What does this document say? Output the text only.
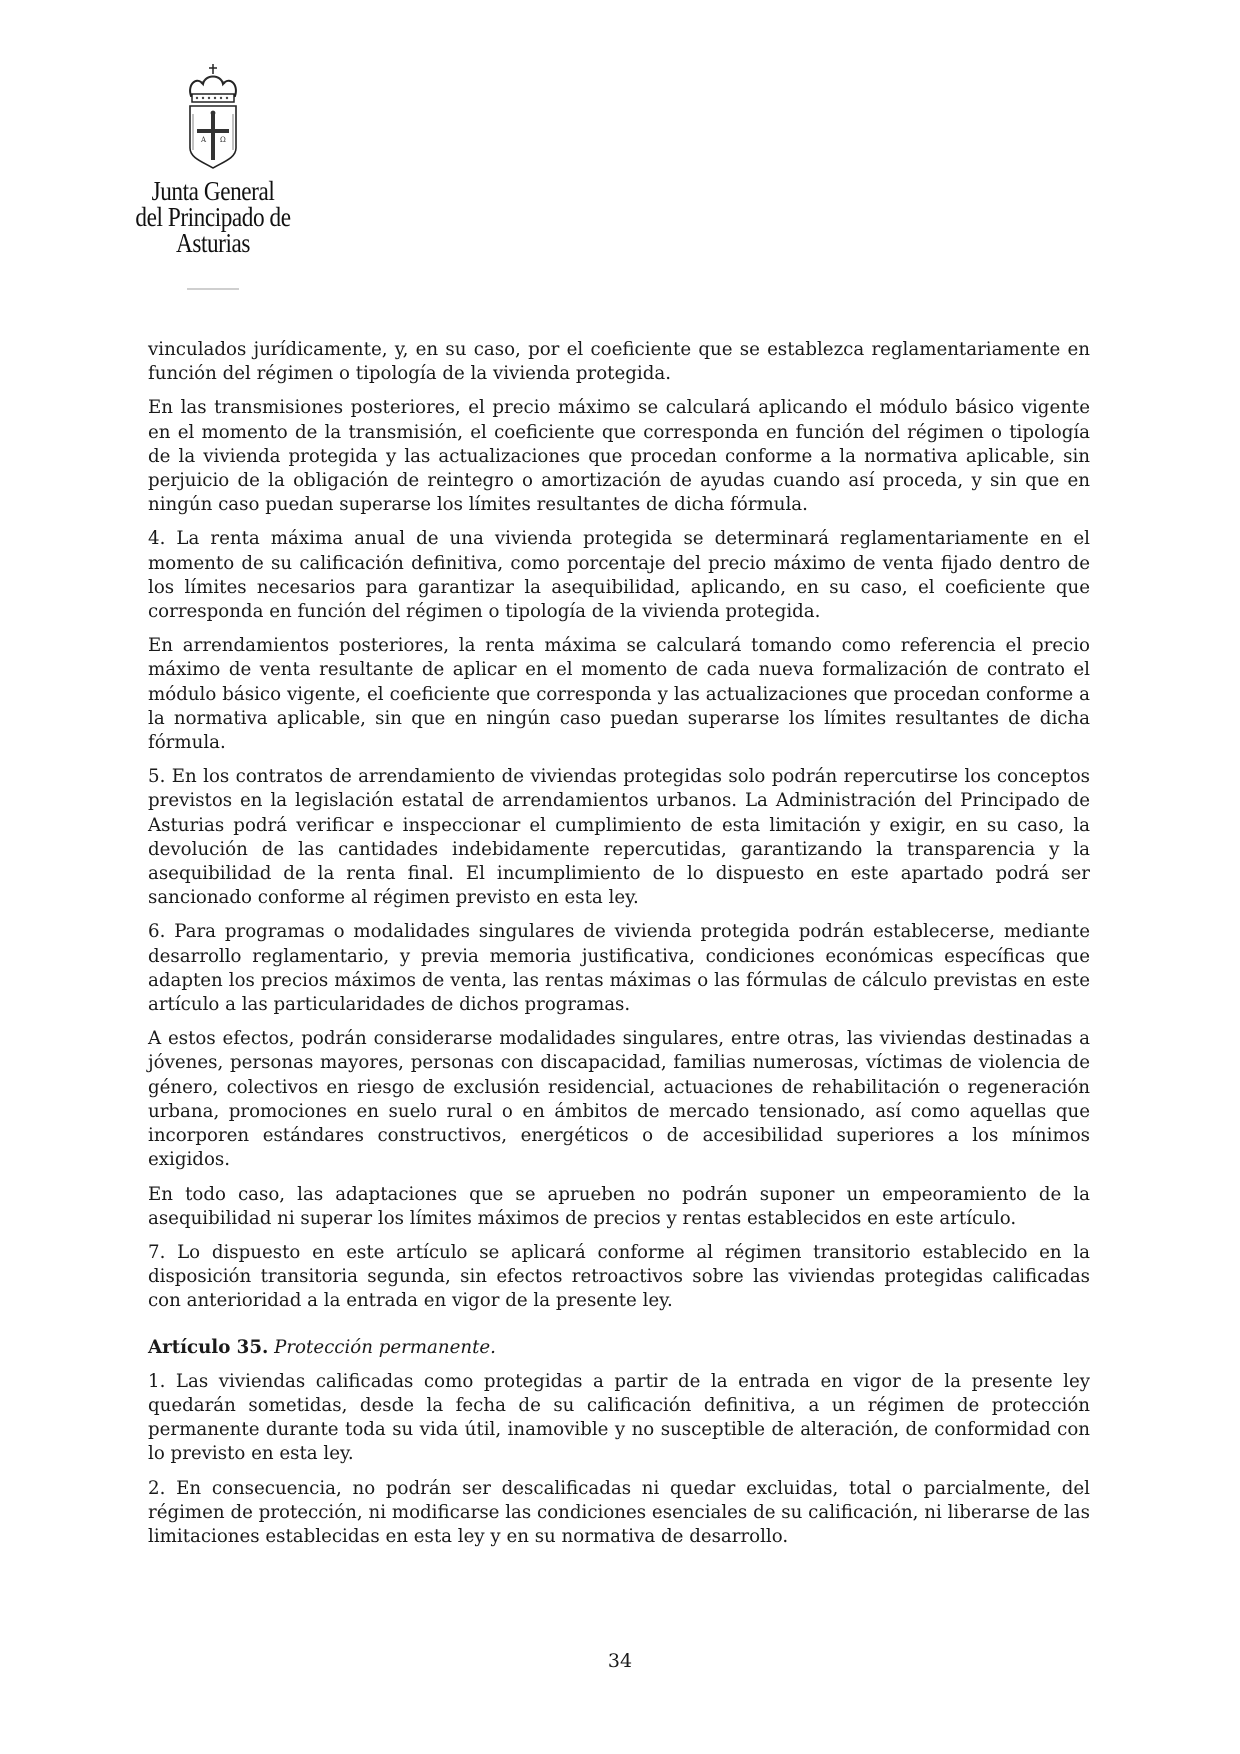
A Ω
Junta General
del Principado de Asturias

vinculados jurídicamente, y, en su caso, por el coeficiente que se establezca reglamentariamente en función del régimen o tipología de la vivienda protegida.

En las transmisiones posteriores, el precio máximo se calculará aplicando el módulo básico vigente en el momento de la transmisión, el coeficiente que corresponda en función del régimen o tipología de la vivienda protegida y las actualizaciones que procedan conforme a la normativa aplicable, sin perjuicio de la obligación de reintegro o amortización de ayudas cuando así proceda, y sin que en ningún caso puedan superarse los límites resultantes de dicha fórmula.

4. La renta máxima anual de una vivienda protegida se determinará reglamentariamente en el momento de su calificación definitiva, como porcentaje del precio máximo de venta fijado dentro de los límites necesarios para garantizar la asequibilidad, aplicando, en su caso, el coeficiente que corresponda en función del régimen o tipología de la vivienda protegida.

En arrendamientos posteriores, la renta máxima se calculará tomando como referencia el precio máximo de venta resultante de aplicar en el momento de cada nueva formalización de contrato el módulo básico vigente, el coeficiente que corresponda y las actualizaciones que procedan conforme a la normativa aplicable, sin que en ningún caso puedan superarse los límites resultantes de dicha fórmula.

5. En los contratos de arrendamiento de viviendas protegidas solo podrán repercutirse los conceptos previstos en la legislación estatal de arrendamientos urbanos. La Administración del Principado de Asturias podrá verificar e inspeccionar el cumplimiento de esta limitación y exigir, en su caso, la devolución de las cantidades indebidamente repercutidas, garantizando la transparencia y la asequibilidad de la renta final. El incumplimiento de lo dispuesto en este apartado podrá ser sancionado conforme al régimen previsto en esta ley.

6. Para programas o modalidades singulares de vivienda protegida podrán establecerse, mediante desarrollo reglamentario, y previa memoria justificativa, condiciones económicas específicas que adapten los precios máximos de venta, las rentas máximas o las fórmulas de cálculo previstas en este artículo a las particularidades de dichos programas.

A estos efectos, podrán considerarse modalidades singulares, entre otras, las viviendas destinadas a jóvenes, personas mayores, personas con discapacidad, familias numerosas, víctimas de violencia de género, colectivos en riesgo de exclusión residencial, actuaciones de rehabilitación o regeneración urbana, promociones en suelo rural o en ámbitos de mercado tensionado, así como aquellas que incorporen estándares constructivos, energéticos o de accesibilidad superiores a los mínimos exigidos.

En todo caso, las adaptaciones que se aprueben no podrán suponer un empeoramiento de la asequibilidad ni superar los límites máximos de precios y rentas establecidos en este artículo.

7. Lo dispuesto en este artículo se aplicará conforme al régimen transitorio establecido en la disposición transitoria segunda, sin efectos retroactivos sobre las viviendas protegidas calificadas con anterioridad a la entrada en vigor de la presente ley.

Artículo 35. Protección permanente.

1. Las viviendas calificadas como protegidas a partir de la entrada en vigor de la presente ley quedarán sometidas, desde la fecha de su calificación definitiva, a un régimen de protección permanente durante toda su vida útil, inamovible y no susceptible de alteración, de conformidad con lo previsto en esta ley.

2. En consecuencia, no podrán ser descalificadas ni quedar excluidas, total o parcialmente, del régimen de protección, ni modificarse las condiciones esenciales de su calificación, ni liberarse de las limitaciones establecidas en esta ley y en su normativa de desarrollo.

34
